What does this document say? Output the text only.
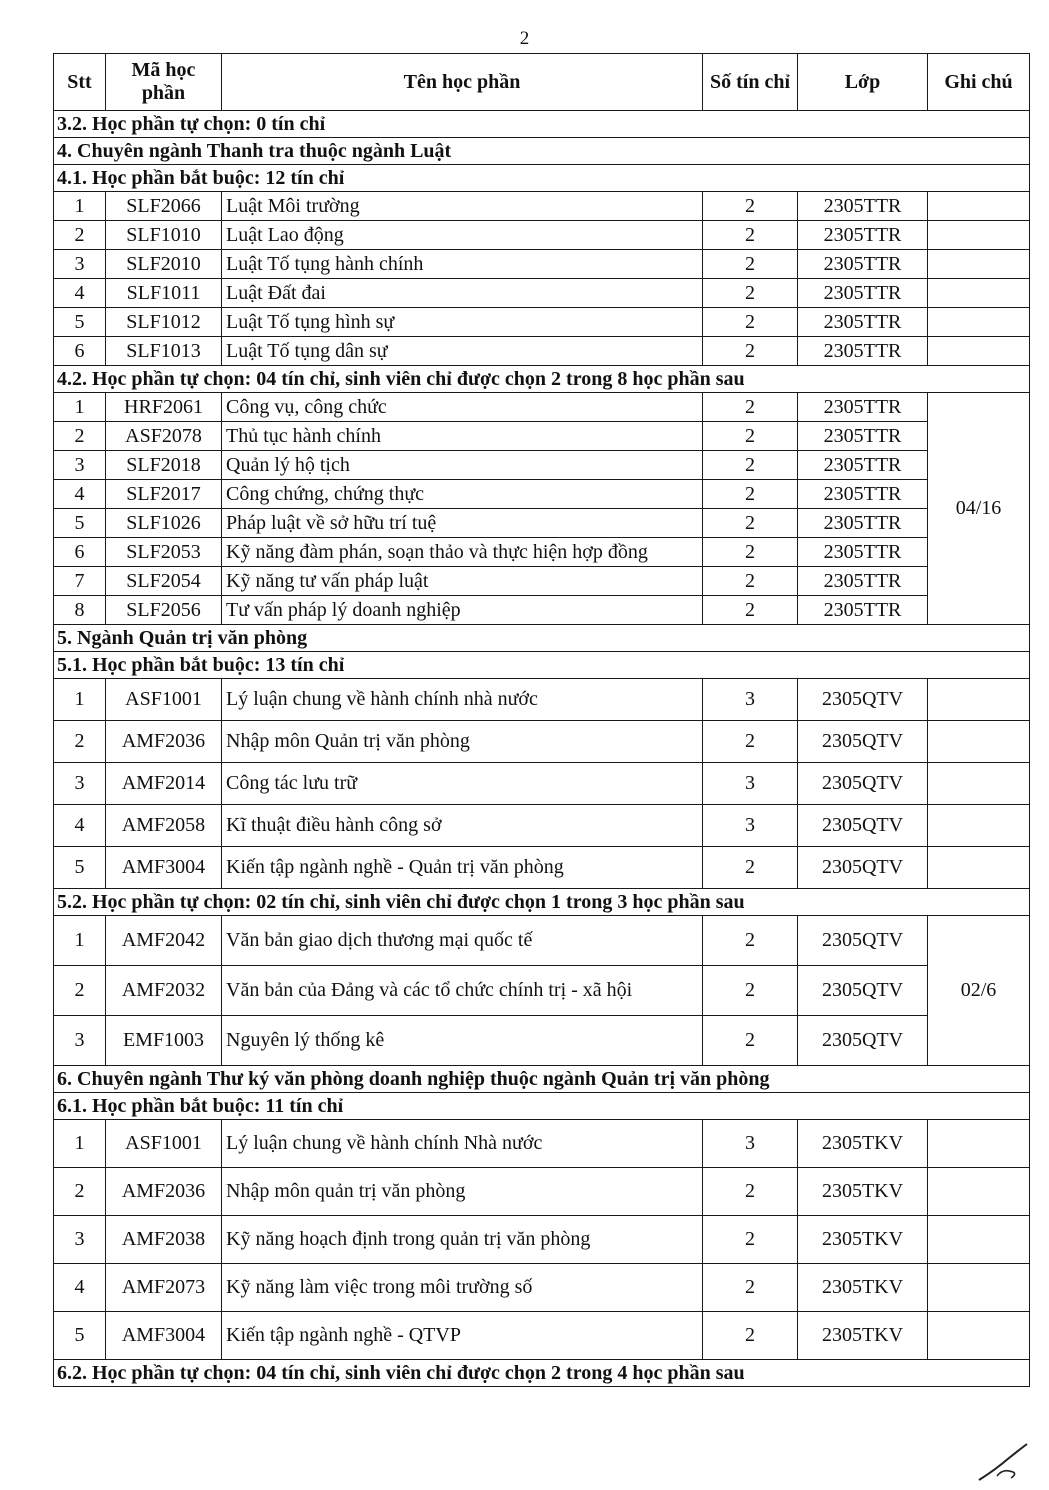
2
Stt	Mã học phần	Tên học phần	Số tín chỉ	Lớp	Ghi chú
3.2. Học phần tự chọn: 0 tín chỉ					
4. Chuyên ngành Thanh tra thuộc ngành Luật					
4.1. Học phần bắt buộc: 12 tín chỉ					
1	SLF2066	Luật Môi trường	2	2305TTR	
2	SLF1010	Luật Lao động	2	2305TTR	
3	SLF2010	Luật Tố tụng hành chính	2	2305TTR	
4	SLF1011	Luật Đất đai	2	2305TTR	
5	SLF1012	Luật Tố tụng hình sự	2	2305TTR	
6	SLF1013	Luật Tố tụng dân sự	2	2305TTR	
4.2. Học phần tự chọn: 04 tín chỉ, sinh viên chỉ được chọn 2 trong 8 học phần sau					
1	HRF2061	Công vụ, công chức	2	2305TTR	04/16
2	ASF2078	Thủ tục hành chính	2	2305TTR	
3	SLF2018	Quản lý hộ tịch	2	2305TTR	
4	SLF2017	Công chứng, chứng thực	2	2305TTR	
5	SLF1026	Pháp luật về sở hữu trí tuệ	2	2305TTR	
6	SLF2053	Kỹ năng đàm phán, soạn thảo và thực hiện hợp đồng	2	2305TTR	
7	SLF2054	Kỹ năng tư vấn pháp luật	2	2305TTR	
8	SLF2056	Tư vấn pháp lý doanh nghiệp	2	2305TTR	
5. Ngành Quản trị văn phòng					
5.1. Học phần bắt buộc: 13 tín chỉ					
1	ASF1001	Lý luận chung về hành chính nhà nước	3	2305QTV	
2	AMF2036	Nhập môn Quản trị văn phòng	2	2305QTV	
3	AMF2014	Công tác lưu trữ	3	2305QTV	
4	AMF2058	Kĩ thuật điều hành công sở	3	2305QTV	
5	AMF3004	Kiến tập ngành nghề - Quản trị văn phòng	2	2305QTV	
5.2. Học phần tự chọn: 02 tín chỉ, sinh viên chỉ được chọn 1 trong 3 học phần sau					
1	AMF2042	Văn bản giao dịch thương mại quốc tế	2	2305QTV	02/6
2	AMF2032	Văn bản của Đảng và các tổ chức chính trị - xã hội	2	2305QTV	
3	EMF1003	Nguyên lý thống kê	2	2305QTV	
6. Chuyên ngành Thư ký văn phòng doanh nghiệp thuộc ngành Quản trị văn phòng					
6.1. Học phần bắt buộc: 11 tín chỉ					
1	ASF1001	Lý luận chung về hành chính Nhà nước	3	2305TKV	
2	AMF2036	Nhập môn quản trị văn phòng	2	2305TKV	
3	AMF2038	Kỹ năng hoạch định trong quản trị văn phòng	2	2305TKV	
4	AMF2073	Kỹ năng làm việc trong môi trường số	2	2305TKV	
5	AMF3004	Kiến tập ngành nghề - QTVP	2	2305TKV	
6.2. Học phần tự chọn: 04 tín chỉ, sinh viên chỉ được chọn 2 trong 4 học phần sau					
